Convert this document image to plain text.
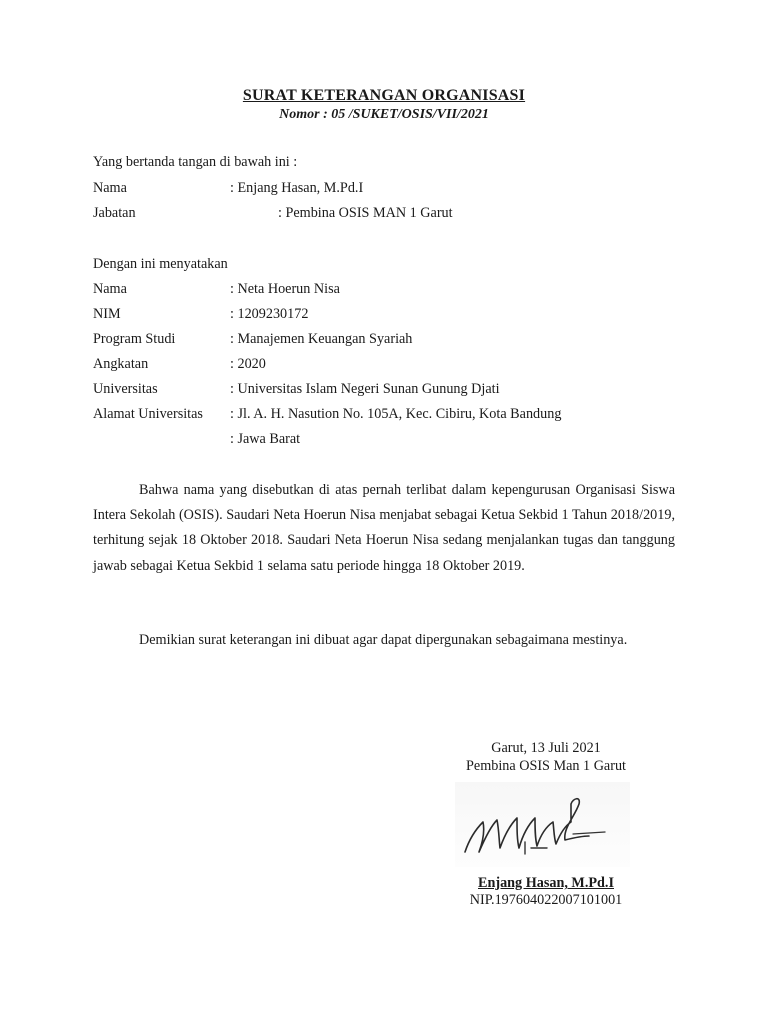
SURAT KETERANGAN ORGANISASI
Nomor : 05 /SUKET/OSIS/VII/2021
Yang bertanda tangan di bawah ini :
Nama	: Enjang Hasan, M.Pd.I
Jabatan	: Pembina OSIS MAN 1 Garut
Dengan ini menyatakan
Nama	: Neta Hoerun Nisa
NIM	: 1209230172
Program Studi	: Manajemen Keuangan Syariah
Angkatan	: 2020
Universitas	: Universitas Islam Negeri Sunan Gunung Djati
Alamat Universitas : Jl. A. H. Nasution No. 105A, Kec. Cibiru, Kota Bandung
: Jawa Barat

Bahwa nama yang disebutkan di atas pernah terlibat dalam kepengurusan Organisasi Siswa Intera Sekolah (OSIS). Saudari Neta Hoerun Nisa menjabat sebagai Ketua Sekbid 1 Tahun 2018/2019, terhitung sejak 18 Oktober 2018. Saudari Neta Hoerun Nisa sedang menjalankan tugas dan tanggung jawab sebagai Ketua Sekbid 1 selama satu periode hingga 18 Oktober 2019.

Demikian surat keterangan ini dibuat agar dapat dipergunakan sebagaimana mestinya.
Garut, 13 Juli 2021
Pembina OSIS Man 1 Garut
Enjang Hasan, M.Pd.I
NIP.197604022007101001
